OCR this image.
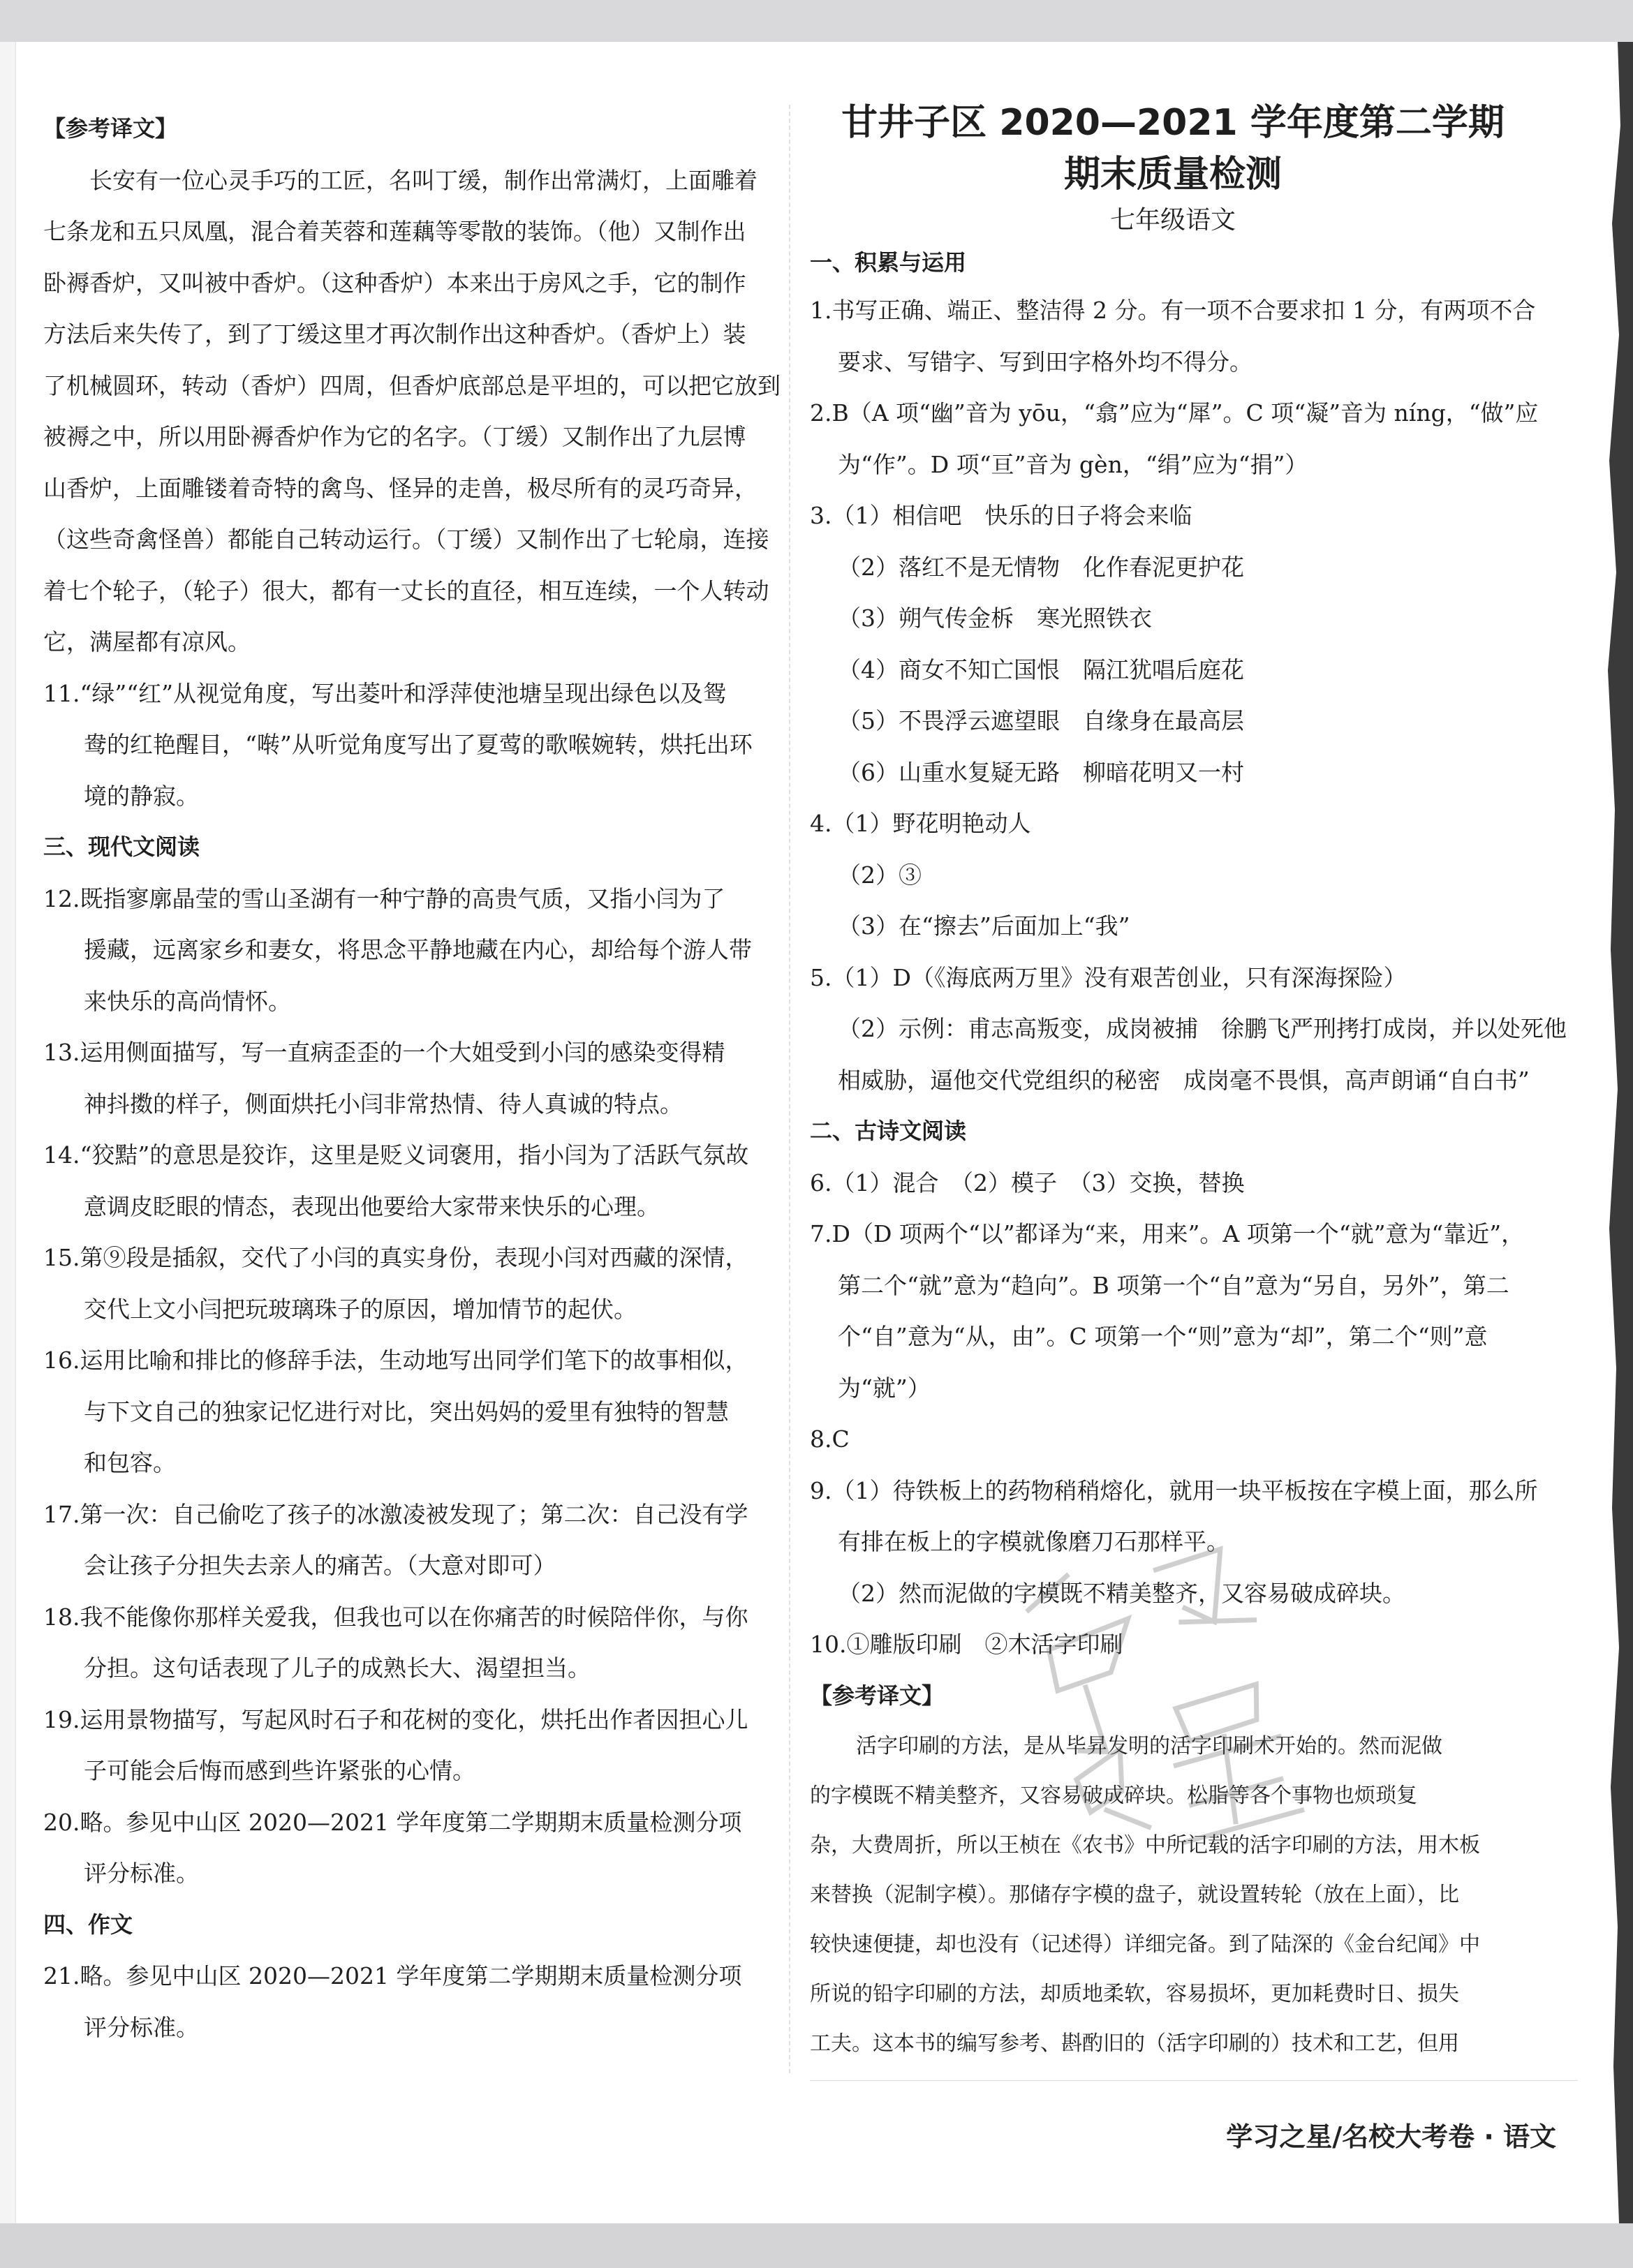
【参考译文】
长安有一位心灵手巧的工匠，名叫丁缓，制作出常满灯，上面雕着
七条龙和五只凤凰，混合着芙蓉和莲藕等零散的装饰。（他）又制作出
卧褥香炉，又叫被中香炉。（这种香炉）本来出于房风之手，它的制作
方法后来失传了，到了丁缓这里才再次制作出这种香炉。（香炉上）装
了机械圆环，转动（香炉）四周，但香炉底部总是平坦的，可以把它放到
被褥之中，所以用卧褥香炉作为它的名字。（丁缓）又制作出了九层博
山香炉，上面雕镂着奇特的禽鸟、怪异的走兽，极尽所有的灵巧奇异，
（这些奇禽怪兽）都能自己转动运行。（丁缓）又制作出了七轮扇，连接
着七个轮子，（轮子）很大，都有一丈长的直径，相互连续，一个人转动
它，满屋都有凉风。
11.“绿”“红”从视觉角度，写出菱叶和浮萍使池塘呈现出绿色以及鸳
鸯的红艳醒目，“啭”从听觉角度写出了夏莺的歌喉婉转，烘托出环
境的静寂。
三、现代文阅读
12.既指寥廓晶莹的雪山圣湖有一种宁静的高贵气质，又指小闫为了
援藏，远离家乡和妻女，将思念平静地藏在内心，却给每个游人带
来快乐的高尚情怀。
13.运用侧面描写，写一直病歪歪的一个大姐受到小闫的感染变得精
神抖擞的样子，侧面烘托小闫非常热情、待人真诚的特点。
14.“狡黠”的意思是狡诈，这里是贬义词褒用，指小闫为了活跃气氛故
意调皮眨眼的情态，表现出他要给大家带来快乐的心理。
15.第⑨段是插叙，交代了小闫的真实身份，表现小闫对西藏的深情，
交代上文小闫把玩玻璃珠子的原因，增加情节的起伏。
16.运用比喻和排比的修辞手法，生动地写出同学们笔下的故事相似，
与下文自己的独家记忆进行对比，突出妈妈的爱里有独特的智慧
和包容。
17.第一次：自己偷吃了孩子的冰激凌被发现了；第二次：自己没有学
会让孩子分担失去亲人的痛苦。（大意对即可）
18.我不能像你那样关爱我，但我也可以在你痛苦的时候陪伴你，与你
分担。这句话表现了儿子的成熟长大、渴望担当。
19.运用景物描写，写起风时石子和花树的变化，烘托出作者因担心儿
子可能会后悔而感到些许紧张的心情。
20.略。参见中山区 2020—2021 学年度第二学期期末质量检测分项
评分标准。
四、作文
21.略。参见中山区 2020—2021 学年度第二学期期末质量检测分项
评分标准。
甘井子区 2020—2021 学年度第二学期
期末质量检测
七年级语文
一、积累与运用
1.书写正确、端正、整洁得 2 分。有一项不合要求扣 1 分，有两项不合
要求、写错字、写到田字格外均不得分。
2.B（A 项“幽”音为 yōu，“翕”应为“犀”。C 项“凝”音为 níng，“做”应
为“作”。D 项“亘”音为 gèn，“绢”应为“捐”）
3.（1）相信吧　快乐的日子将会来临
（2）落红不是无情物　化作春泥更护花
（3）朔气传金柝　寒光照铁衣
（4）商女不知亡国恨　隔江犹唱后庭花
（5）不畏浮云遮望眼　自缘身在最高层
（6）山重水复疑无路　柳暗花明又一村
4.（1）野花明艳动人
（2）③
（3）在“擦去”后面加上“我”
5.（1）D（《海底两万里》没有艰苦创业，只有深海探险）
（2）示例：甫志高叛变，成岗被捕　徐鹏飞严刑拷打成岗，并以处死他
相威胁，逼他交代党组织的秘密　成岗毫不畏惧，高声朗诵“自白书”
二、古诗文阅读
6.（1）混合　（2）模子　（3）交换，替换
7.D（D 项两个“以”都译为“来，用来”。A 项第一个“就”意为“靠近”，
第二个“就”意为“趋向”。B 项第一个“自”意为“另自，另外”，第二
个“自”意为“从，由”。C 项第一个“则”意为“却”，第二个“则”意
为“就”）
8.C
9.（1）待铁板上的药物稍稍熔化，就用一块平板按在字模上面，那么所
有排在板上的字模就像磨刀石那样平。
（2）然而泥做的字模既不精美整齐，又容易破成碎块。
10.①雕版印刷　②木活字印刷
【参考译文】
活字印刷的方法，是从毕昇发明的活字印刷术开始的。然而泥做
的字模既不精美整齐，又容易破成碎块。松脂等各个事物也烦琐复
杂，大费周折，所以王桢在《农书》中所记载的活字印刷的方法，用木板
来替换（泥制字模）。那储存字模的盘子，就设置转轮（放在上面），比
较快速便捷，却也没有（记述得）详细完备。到了陆深的《金台纪闻》中
所说的铅字印刷的方法，却质地柔软，容易损坏，更加耗费时日、损失
工夫。这本书的编写参考、斟酌旧的（活字印刷的）技术和工艺，但用
学习之星/名校大考卷 · 语文
